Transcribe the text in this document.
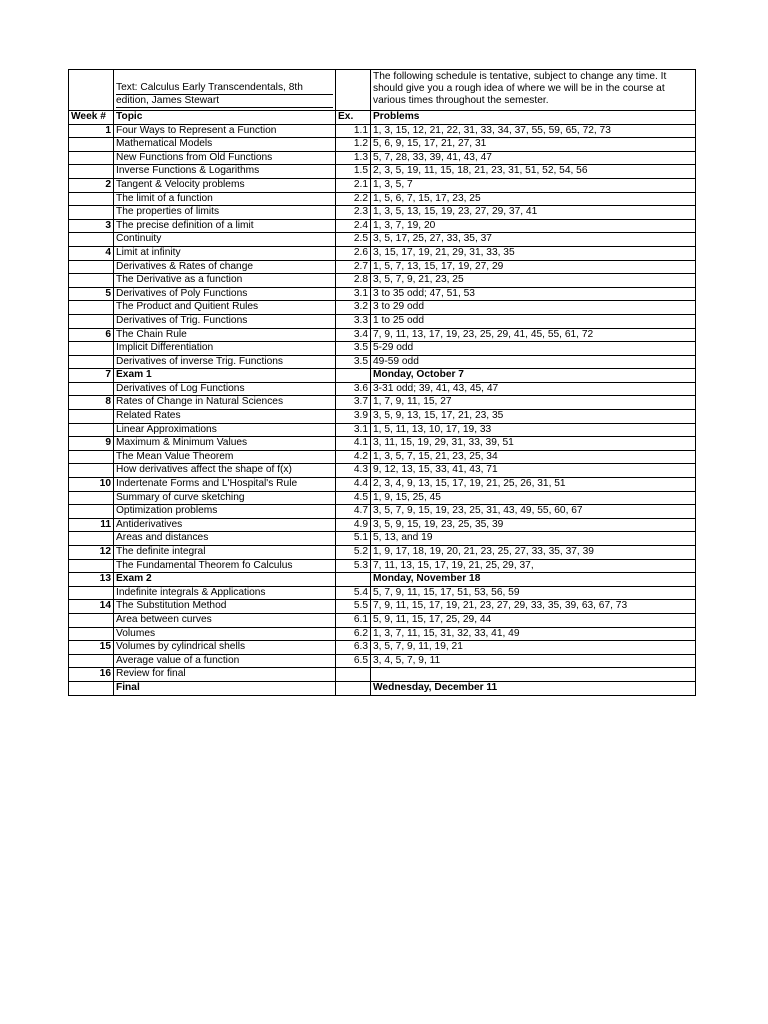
	Text: Calculus Early Transcendentals, 8th
edition, James Stewart		The following schedule is tentative, subject to change any time. It should give you a rough idea of where we will be in the course at various times throughout the semester.
Week #	Topic	Ex.	Problems
1	Four Ways to Represent a Function	1.1	1, 3, 15, 12, 21, 22, 31, 33, 34, 37, 55, 59, 65, 72, 73
	Mathematical Models	1.2	5, 6, 9, 15, 17, 21, 27, 31
	New Functions from Old Functions	1.3	5, 7, 28, 33, 39, 41, 43, 47
	Inverse Functions & Logarithms	1.5	2, 3, 5, 19, 11, 15, 18, 21, 23, 31, 51, 52, 54, 56
2	Tangent & Velocity problems	2.1	1, 3, 5, 7
	The limit of a function	2.2	1, 5, 6, 7, 15, 17, 23, 25
	The properties of limits	2.3	1, 3, 5, 13, 15, 19, 23, 27, 29, 37, 41
3	The precise definition of a limit	2.4	1, 3, 7, 19, 20
	Continuity	2.5	3, 5, 17, 25, 27, 33, 35, 37
4	Limit at infinity	2.6	3, 15, 17, 19, 21, 29, 31, 33, 35
	Derivatives & Rates of change	2.7	1, 5, 7, 13, 15, 17, 19, 27, 29
	The Derivative as a function	2.8	3, 5, 7, 9, 21, 23, 25
5	Derivatives of Poly Functions	3.1	3 to 35 odd; 47, 51, 53
	The Product and Quitient Rules	3.2	3 to 29 odd
	Derivatives of Trig. Functions	3.3	1 to 25 odd
6	The Chain Rule	3.4	7, 9, 11, 13, 17, 19, 23, 25, 29, 41, 45, 55, 61, 72
	Implicit Differentiation	3.5	5-29 odd
	Derivatives of inverse Trig. Functions	3.5	49-59 odd
7	Exam 1		Monday, October 7
	Derivatives of Log Functions	3.6	3-31 odd; 39, 41, 43, 45, 47
8	Rates of Change in Natural Sciences	3.7	1, 7, 9, 11, 15, 27
	Related Rates	3.9	3, 5, 9, 13, 15, 17, 21, 23, 35
	Linear Approximations	3.1	1, 5, 11, 13, 10, 17, 19, 33
9	Maximum & Minimum Values	4.1	3, 11, 15, 19, 29, 31, 33, 39, 51
	The Mean Value Theorem	4.2	1, 3, 5, 7, 15, 21, 23, 25, 34
	How derivatives affect the shape of f(x)	4.3	9, 12, 13, 15, 33, 41, 43, 71
10	Indertenate Forms and L'Hospital's Rule	4.4	2, 3, 4, 9, 13, 15, 17, 19, 21, 25, 26, 31, 51
	Summary of curve sketching	4.5	1, 9, 15, 25, 45
	Optimization problems	4.7	3, 5, 7, 9, 15, 19, 23, 25, 31, 43, 49, 55, 60, 67
11	Antiderivatives	4.9	3, 5, 9, 15, 19, 23, 25, 35, 39
	Areas and distances	5.1	5, 13, and 19
12	The definite integral	5.2	1, 9, 17, 18, 19, 20, 21, 23, 25, 27, 33, 35, 37, 39
	The Fundamental Theorem fo Calculus	5.3	7, 11, 13, 15, 17, 19, 21, 25, 29, 37,
13	Exam 2		Monday, November 18
	Indefinite integrals & Applications	5.4	5, 7, 9, 11, 15, 17, 51, 53, 56, 59
14	The Substitution Method	5.5	7, 9, 11, 15, 17, 19, 21, 23, 27, 29, 33, 35, 39, 63, 67, 73
	Area between curves	6.1	5, 9, 11, 15, 17, 25, 29, 44
	Volumes	6.2	1, 3, 7, 11, 15, 31, 32, 33, 41, 49
15	Volumes by cylindrical shells	6.3	3, 5, 7, 9, 11, 19, 21
	Average value of a function	6.5	3, 4, 5, 7, 9, 11
16	Review for final		
	Final		Wednesday, December 11
